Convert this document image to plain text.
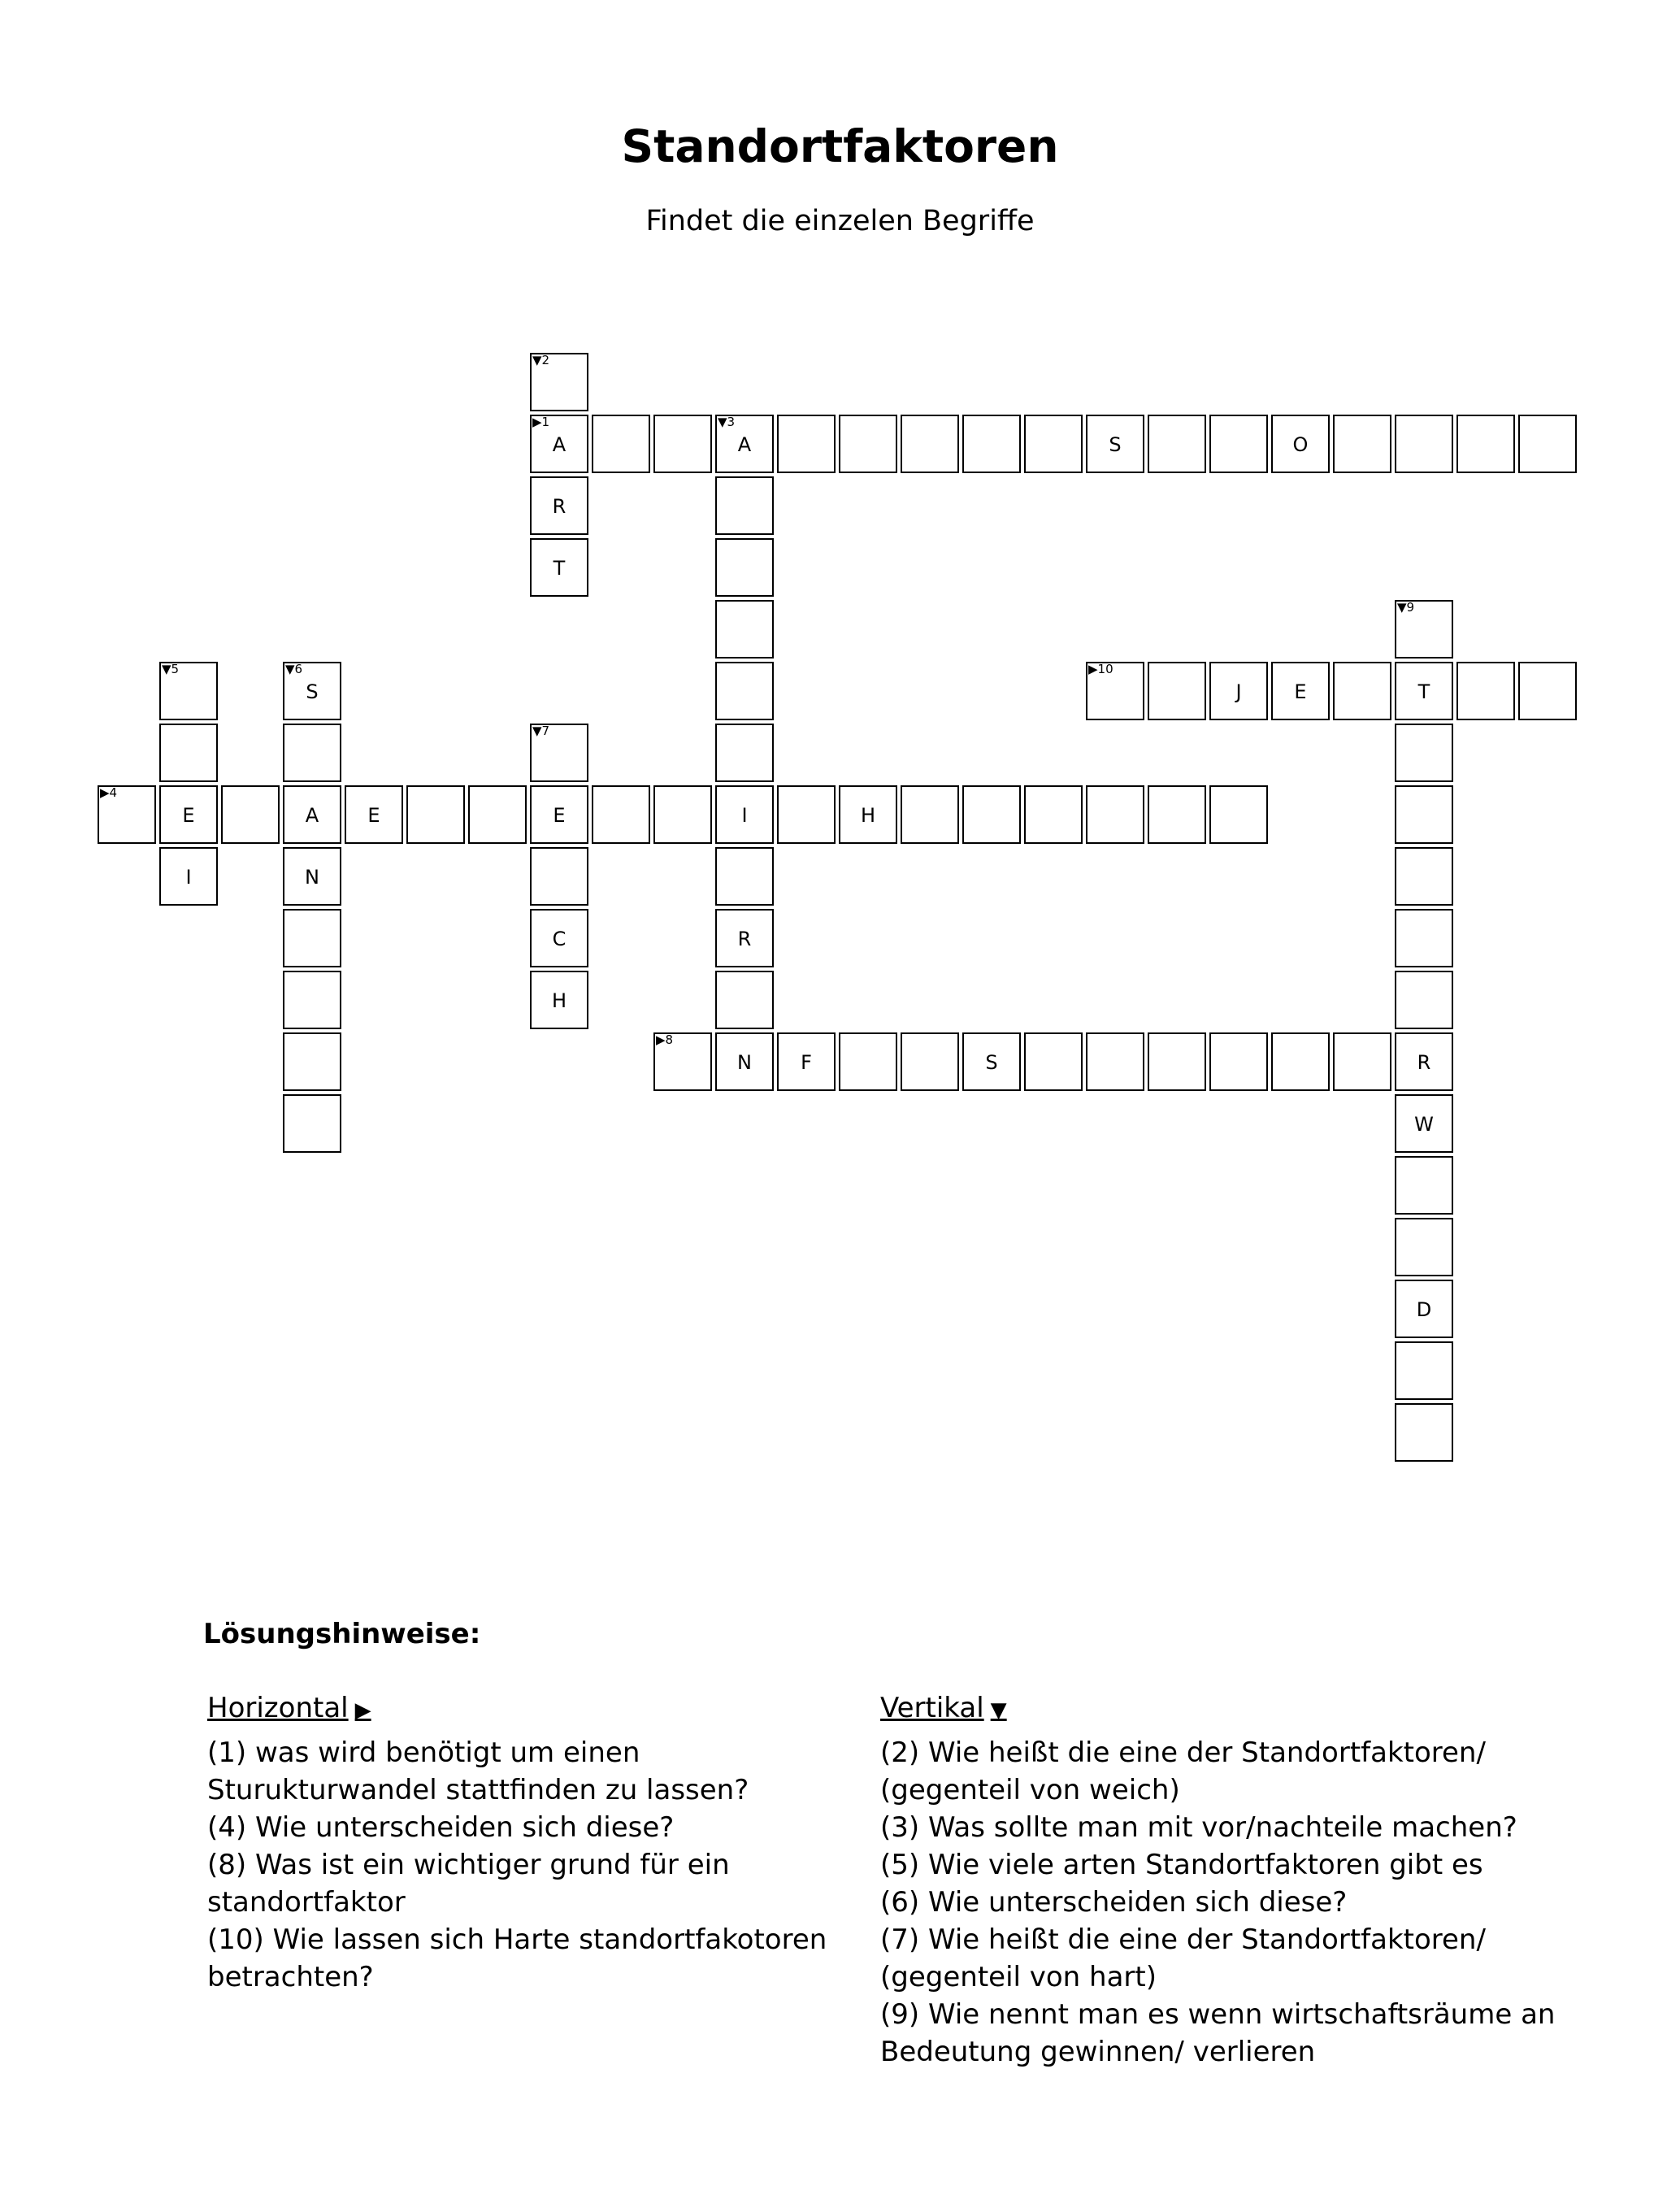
Standortfaktoren
Findet die einzelen Begriffe
▼2
▶1
A
▼3
A	S	O
R
T
▼9
▼5	▼6
S
▶10
J	E	T
▼7
▶4
E	A	E	E	I	H
I	N
C	R
H
▶8
N	F	S	R
W
D
Lösungshinweise:
Horizontal ▶
(1) was wird benötigt um einen Sturukturwandel stattfinden zu lassen?
(4) Wie unterscheiden sich diese?
(8) Was ist ein wichtiger grund für ein standortfaktor
(10) Wie lassen sich Harte standortfakotoren betrachten?
Vertikal ▼
(2) Wie heißt die eine der Standortfaktoren/ (gegenteil von weich)
(3) Was sollte man mit vor/nachteile machen?
(5) Wie viele arten Standortfaktoren gibt es
(6) Wie unterscheiden sich diese?
(7) Wie heißt die eine der Standortfaktoren/ (gegenteil von hart)
(9) Wie nennt man es wenn wirtschaftsräume an Bedeutung gewinnen/ verlieren
